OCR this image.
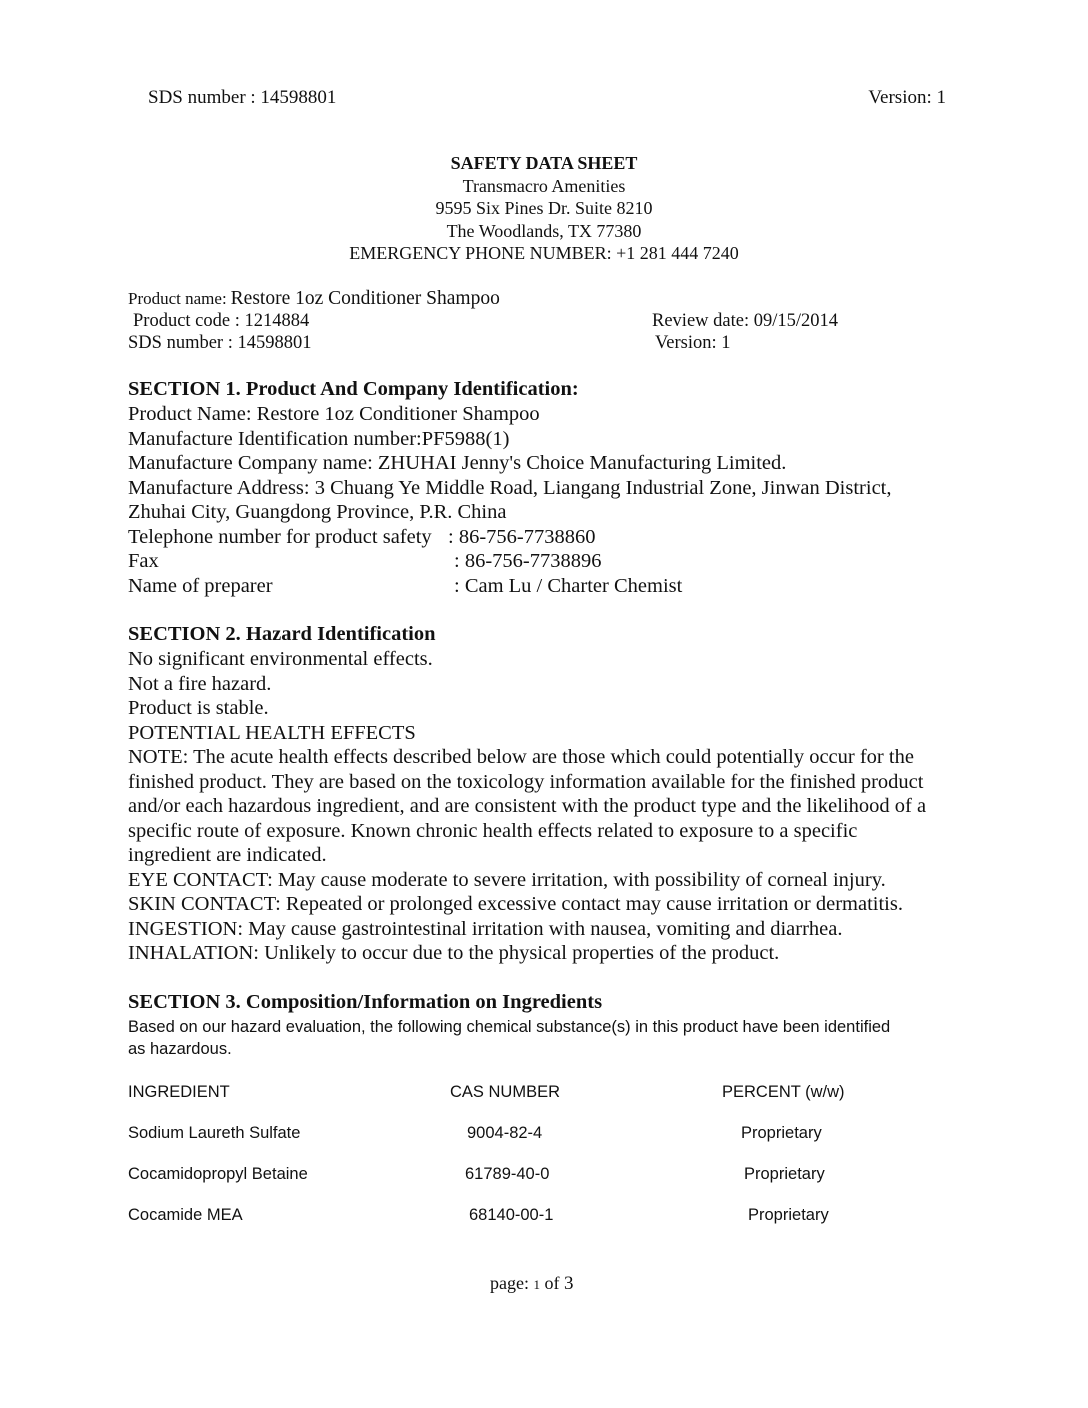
SDS number : 14598801	Version: 1
SAFETY DATA SHEET
Transmacro Amenities
9595 Six Pines Dr. Suite 8210
The Woodlands, TX 77380
EMERGENCY PHONE NUMBER: +1 281 444 7240
Product name: Restore 1oz Conditioner Shampoo
Product code : 1214884	Review date: 09/15/2014
SDS number : 14598801	Version: 1
SECTION 1. Product And Company Identification:
Product Name: Restore 1oz Conditioner Shampoo
Manufacture Identification number:PF5988(1)
Manufacture Company name: ZHUHAI Jenny's Choice Manufacturing Limited.
Manufacture Address: 3 Chuang Ye Middle Road, Liangang Industrial Zone, Jinwan District,
Zhuhai City, Guangdong Province, P.R. China
Telephone number for product safety : 86-756-7738860
Fax	: 86-756-7738896
Name of preparer	: Cam Lu / Charter Chemist
SECTION 2. Hazard Identification
No significant environmental effects.
Not a fire hazard.
Product is stable.
POTENTIAL HEALTH EFFECTS
NOTE: The acute health effects described below are those which could potentially occur for the
finished product. They are based on the toxicology information available for the finished product
and/or each hazardous ingredient, and are consistent with the product type and the likelihood of a
specific route of exposure. Known chronic health effects related to exposure to a specific
ingredient are indicated.
EYE CONTACT: May cause moderate to severe irritation, with possibility of corneal injury.
SKIN CONTACT: Repeated or prolonged excessive contact may cause irritation or dermatitis.
INGESTION: May cause gastrointestinal irritation with nausea, vomiting and diarrhea.
INHALATION: Unlikely to occur due to the physical properties of the product.
SECTION 3. Composition/Information on Ingredients
Based on our hazard evaluation, the following chemical substance(s) in this product have been identified
as hazardous.
INGREDIENT	CAS NUMBER	PERCENT (w/w)
Sodium Laureth Sulfate	9004-82-4	Proprietary
Cocamidopropyl Betaine	61789-40-0	Proprietary
Cocamide MEA	68140-00-1	Proprietary
page: 1 of 3
